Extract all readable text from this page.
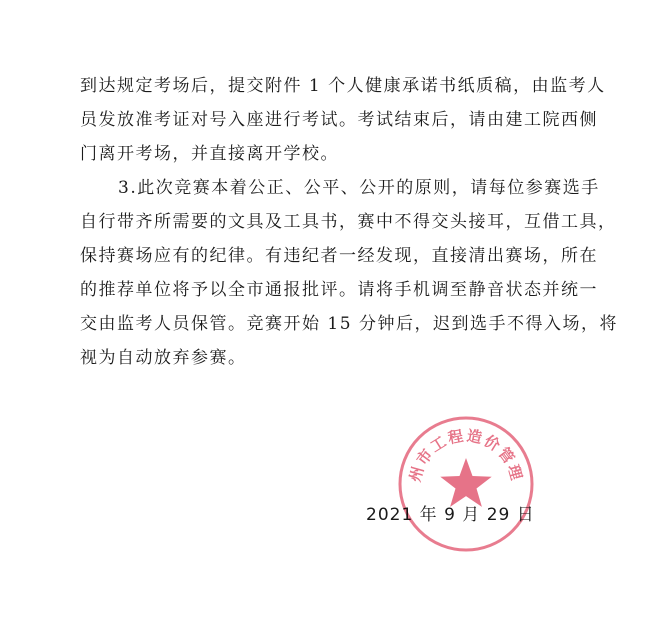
到达规定考场后，提交附件 1 个人健康承诺书纸质稿，由监考人
员发放准考证对号入座进行考试。考试结束后，请由建工院西侧
门离开考场，并直接离开学校。
3.此次竞赛本着公正、公平、公开的原则，请每位参赛选手
自行带齐所需要的文具及工具书，赛中不得交头接耳，互借工具，
保持赛场应有的纪律。有违纪者一经发现，直接清出赛场，所在
的推荐单位将予以全市通报批评。请将手机调至静音状态并统一
交由监考人员保管。竞赛开始 15 分钟后，迟到选手不得入场，将
视为自动放弃参赛。
2021 年 9 月 29 日
州市工程造价管理
